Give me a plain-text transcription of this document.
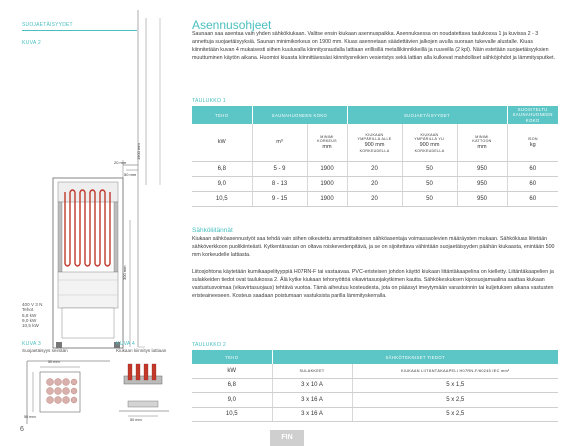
SUOJAETÄISYYDET
KUVA 2
20 mm
50 mm
1900 mm
300 mm
400 V 3 N
Tehot
6,8 kW
9,0 kW
10,5 kW
KUVA 3
Suojaetäisyys seinään
KUVA 4
Kiukaan kiinnitys lattiaan
50 mm
50 mm
50 mm
6
Asennusohjeet
Saunaan saa asentaa vain yhden sähkökiukaan. Valitse ensin kiukaan asennuspaikka. Asennuksessa on noudatettava taulukossa 1 ja kuvissa 2 - 3 annettuja suojaetäisyyksiä. Saunan minimikorkeus on 1900 mm. Kiuas asennetaan säädettävien jalkojen avulla suoraan tukevalle alustalle. Kiuas kiinnitetään kuvan 4 mukaisesti siihen kuuluvalla kiinnitysraudalla lattiaan erillisillä metallikiinnikkeillä ja ruuveilla (2 kpl). Näin estetään suojaetäisyyksien muuttuminen käytön aikana. Huomioi kiuasta kiinnittäessäsi kiinnitysreikien vesieristys sekä lattian alla kulkevat mahdolliset sähköjohdot ja lämmitysputket.
TAULUKKO 1
TEHO	SAUNAHUONEEN KOKO		SUOJAETÄISYYDET			SUOSITELTU SAUNAHUONEEN KOKO
kW	m³	MINIMI
KORKEUS
mm	KIUKAAN
YMPÄRILLÄ ALLE
900 mm
KORKEUDELLA	KIUKAAN
YMPÄRILLÄ YLI
900 mm
KORKEUDELLA	MINIMI
KATTOON
mm	ISON
kg
6,8	5 - 9	1900	20	50	950	60
9,0	8 - 13	1900	20	50	950	60
10,5	9 - 15	1900	20	50	950	60
Sähköliitännät
Kiukaan sähköasennustyöt saa tehdä vain siihen oikeutettu ammattitaitoinen sähköasentaja voimassaolevien määräysten mukaan. Sähkökiuas liitetään sähköverkkoon puolikiinteästi. Kytkentärasian on oltava roiskevedenpitävä, ja se on sijoitettava vähintään suojaetäisyyden päähän kiukaasta, enintään 500 mm korkeudelle lattiasta.
Liitosjohtona käytetään kumikaapelityyppiä H07RN-F tai vastaavaa. PVC-eristeisen johdon käyttö kiukaan liitäntäkaapelina on kielletty. Liitäntäkaapelien ja sulakkeiden tiedot ovat taulukossa 2. Älä kytke kiukaan tehonyöttöä vikavirtasuojakytkimen kautta. Sähkökeskuksen kiposuojamaalina saattaa kiukaan vastustusvoimaa (vikavirtasuojaus) tehtävä vuotoa. Tämä aiheutuu kosteudesta, jota on päässyt imeytymään varastoinnin tai kuljetuksen aikana vastusten eristeaineeseen. Kosteus saadaan poistumaan vastuksista parilla lämmityskerralla.
TAULUKKO 2
TEHO	SÄHKÖTEKNISET TIEDOT	
kW	SULAKKEET	KIUKAAN LIITÄNTÄKAAPELI H07RN-F/60245 IEC mm²
6,8	3 x 10 A	5 x 1,5
9,0	3 x 16 A	5 x 2,5
10,5	3 x 16 A	5 x 2,5
FIN
